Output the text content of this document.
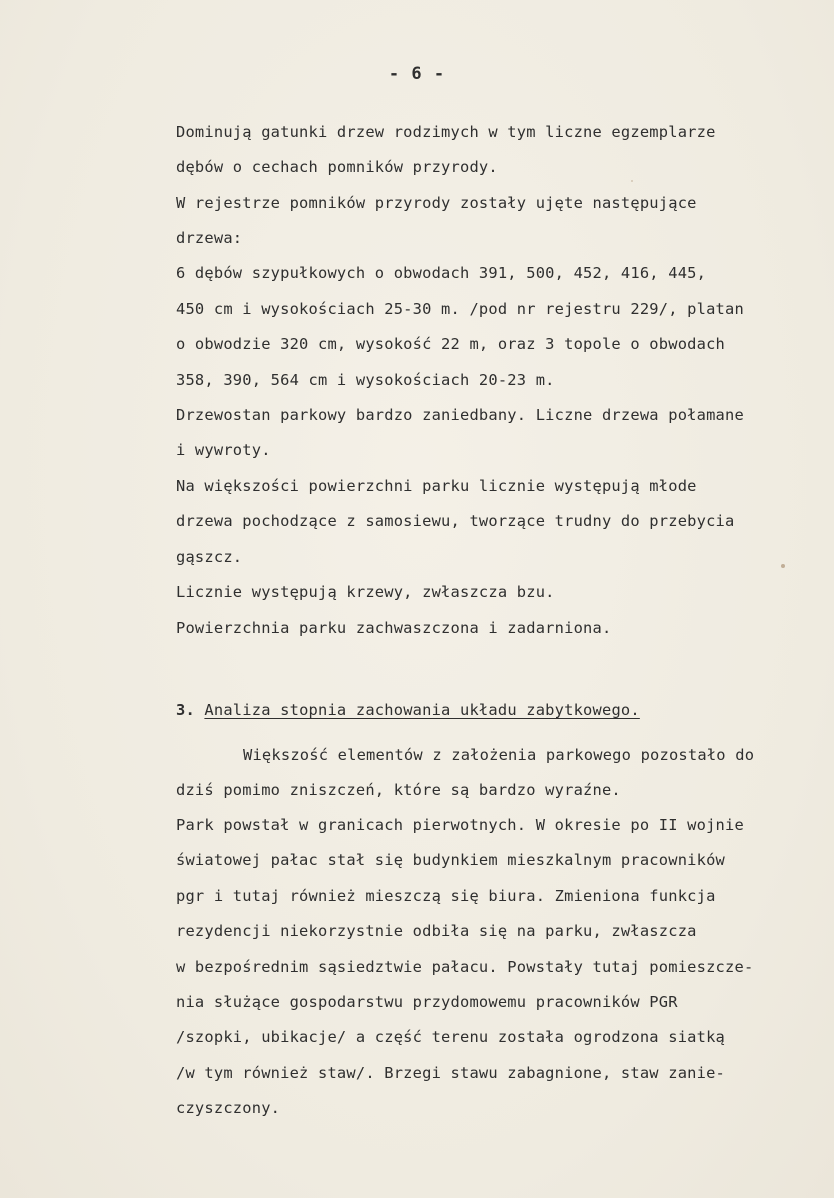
- 6 -
Dominują gatunki drzew rodzimych w tym liczne egzemplarze
dębów o cechach pomników przyrody.
W rejestrze pomników przyrody zostały ujęte następujące
drzewa:
6 dębów szypułkowych o obwodach 391, 500, 452, 416, 445,
450 cm i wysokościach 25-30 m. /pod nr rejestru 229/, platan
o obwodzie 320 cm, wysokość 22 m, oraz 3 topole o obwodach
358, 390, 564 cm i wysokościach 20-23 m.
Drzewostan parkowy bardzo zaniedbany. Liczne drzewa połamane
i wywroty.
Na większości powierzchni parku licznie występują młode
drzewa pochodzące z samosiewu, tworzące trudny do przebycia
gąszcz.
Licznie występują krzewy, zwłaszcza bzu.
Powierzchnia parku zachwaszczona i zadarniona.
3. Analiza stopnia zachowania układu zabytkowego.
Większość elementów z założenia parkowego pozostało do
dziś pomimo zniszczeń, które są bardzo wyraźne.
Park powstał w granicach pierwotnych. W okresie po II wojnie
światowej pałac stał się budynkiem mieszkalnym pracowników
pgr i tutaj również mieszczą się biura. Zmieniona funkcja
rezydencji niekorzystnie odbiła się na parku, zwłaszcza
w bezpośrednim sąsiedztwie pałacu. Powstały tutaj pomieszcze-
nia służące gospodarstwu przydomowemu pracowników PGR
/szopki, ubikacje/ a część terenu została ogrodzona siatką
/w tym również staw/. Brzegi stawu zabagnione, staw zanie-
czyszczony.
